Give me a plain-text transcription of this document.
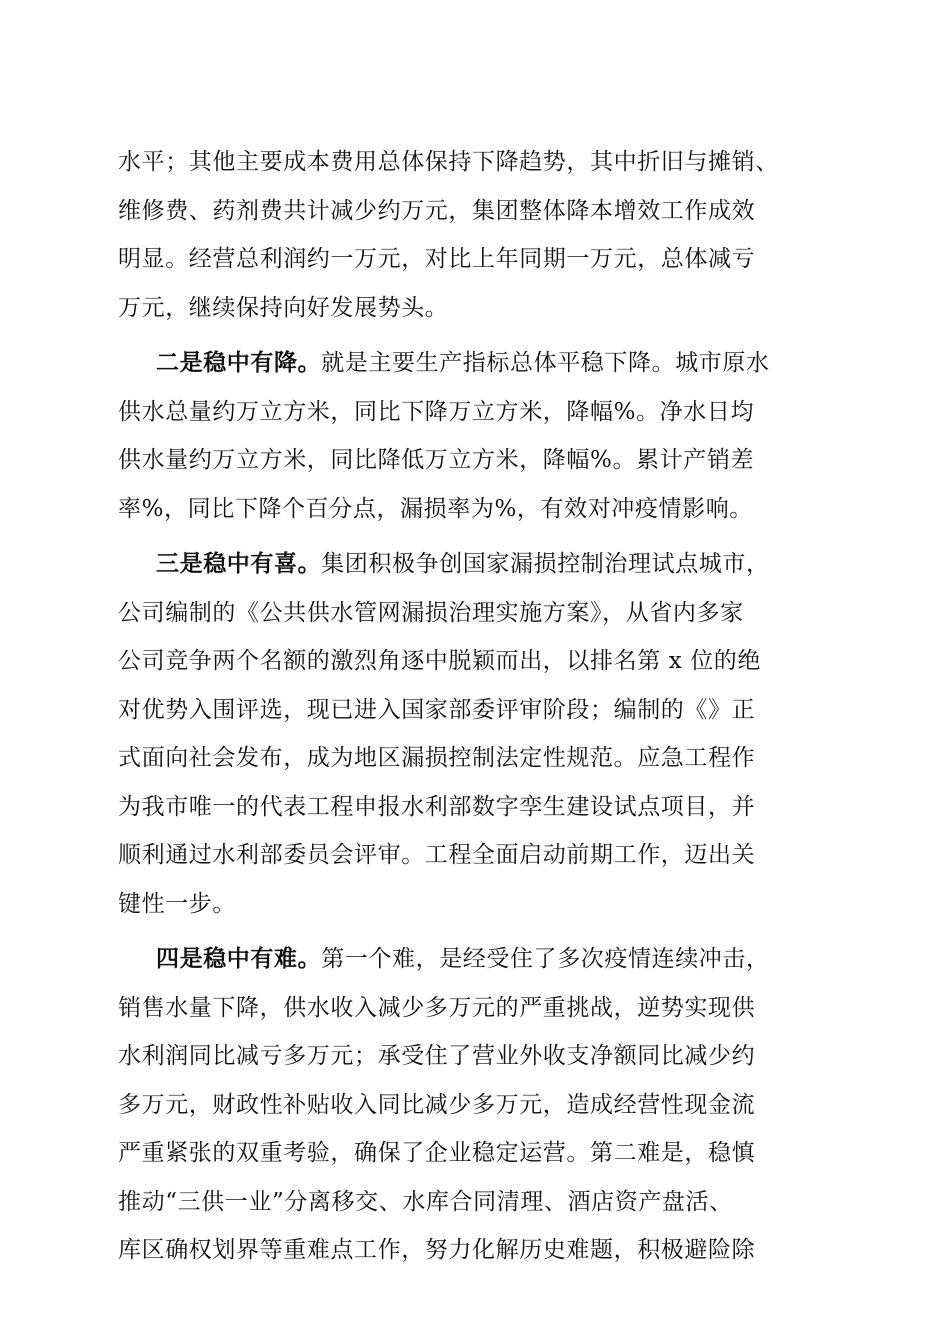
水平；其他主要成本费用总体保持下降趋势，其中折旧与摊销、
维修费、药剂费共计减少约万元，集团整体降本增效工作成效
明显。经营总利润约一万元，对比上年同期一万元，总体减亏
万元，继续保持向好发展势头。
二是稳中有降。就是主要生产指标总体平稳下降。城市原水
供水总量约万立方米，同比下降万立方米，降幅%。净水日均
供水量约万立方米，同比降低万立方米，降幅%。累计产销差
率%，同比下降个百分点，漏损率为%，有效对冲疫情影响。
三是稳中有喜。集团积极争创国家漏损控制治理试点城市，
公司编制的《公共供水管网漏损治理实施方案》，从省内多家
公司竞争两个名额的激烈角逐中脱颖而出，以排名第 x 位的绝
对优势入围评选，现已进入国家部委评审阶段；编制的《》正
式面向社会发布，成为地区漏损控制法定性规范。应急工程作
为我市唯一的代表工程申报水利部数字孪生建设试点项目，并
顺利通过水利部委员会评审。工程全面启动前期工作，迈出关
键性一步。
四是稳中有难。第一个难，是经受住了多次疫情连续冲击，
销售水量下降，供水收入减少多万元的严重挑战，逆势实现供
水利润同比减亏多万元；承受住了营业外收支净额同比减少约
多万元，财政性补贴收入同比减少多万元，造成经营性现金流
严重紧张的双重考验，确保了企业稳定运营。第二难是，稳慎
推动“三供一业”分离移交、水库合同清理、酒店资产盘活、
库区确权划界等重难点工作，努力化解历史难题，积极避险除
